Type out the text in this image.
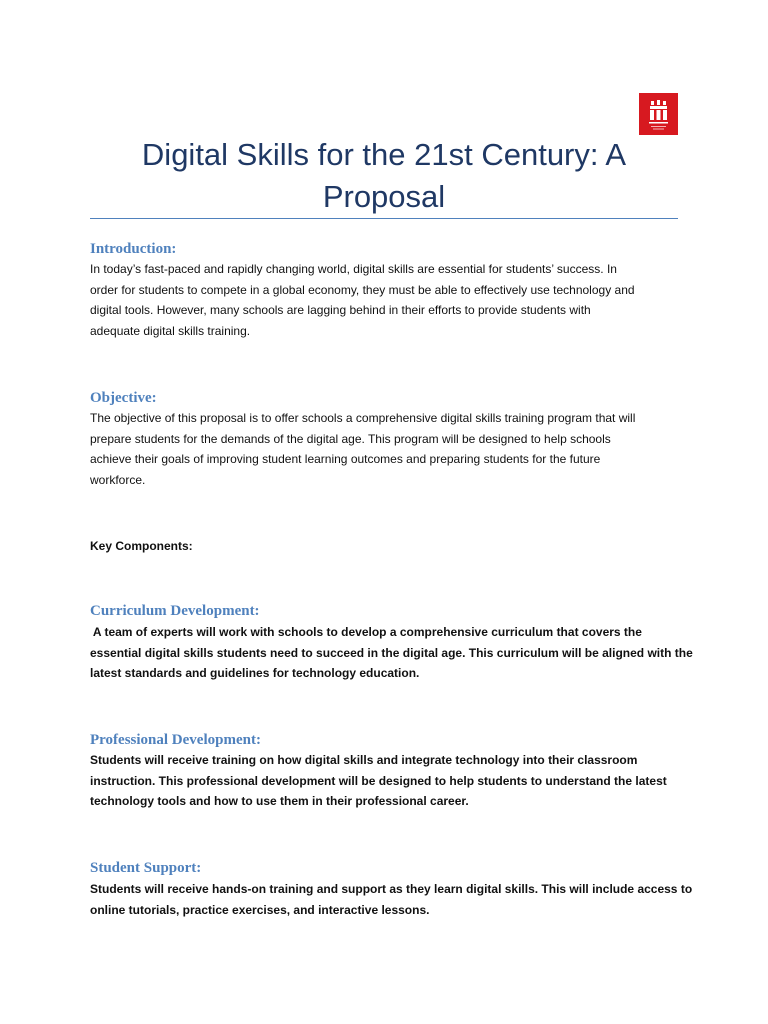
Digital Skills for the 21st Century: A
Proposal
Introduction:

In today’s fast-paced and rapidly changing world, digital skills are essential for students’ success. In
order for students to compete in a global economy, they must be able to effectively use technology and
digital tools. However, many schools are lagging behind in their efforts to provide students with
adequate digital skills training.

Objective:

The objective of this proposal is to offer schools a comprehensive digital skills training program that will
prepare students for the demands of the digital age. This program will be designed to help schools
achieve their goals of improving student learning outcomes and preparing students for the future
workforce.

Key Components:

Curriculum Development:

A team of experts will work with schools to develop a comprehensive curriculum that covers the
essential digital skills students need to succeed in the digital age. This curriculum will be aligned with the
latest standards and guidelines for technology education.

Professional Development:

Students will receive training on how digital skills and integrate technology into their classroom
instruction. This professional development will be designed to help students to understand the latest
technology tools and how to use them in their professional career.

Student Support:

Students will receive hands-on training and support as they learn digital skills. This will include access to
online tutorials, practice exercises, and interactive lessons.
